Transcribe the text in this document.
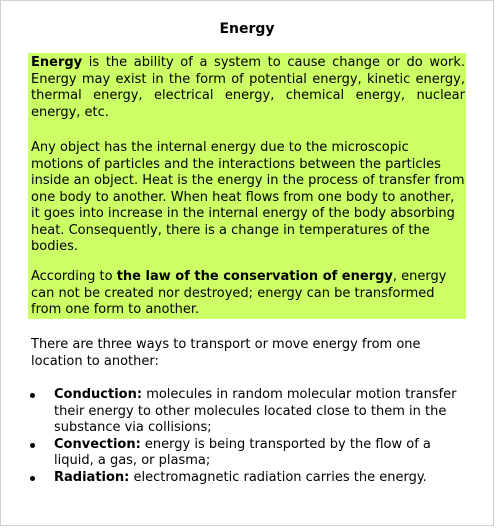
Energy

Energy is the ability of a system to cause change or do work. Energy may exist in the form of potential energy, kinetic energy, thermal energy, electrical energy, chemical energy, nuclear energy, etc.

Any object has the internal energy due to the microscopic motions of particles and the interactions between the particles inside an object. Heat is the energy in the process of transfer from one body to another. When heat flows from one body to another, it goes into increase in the internal energy of the body absorbing heat. Consequently, there is a change in temperatures of the bodies.

According to the law of the conservation of energy, energy can not be created nor destroyed; energy can be transformed from one form to another.

There are three ways to transport or move energy from one location to another:

Conduction: molecules in random molecular motion transfer their energy to other molecules located close to them in the substance via collisions;
Convection: energy is being transported by the flow of a liquid, a gas, or plasma;
Radiation: electromagnetic radiation carries the energy.
